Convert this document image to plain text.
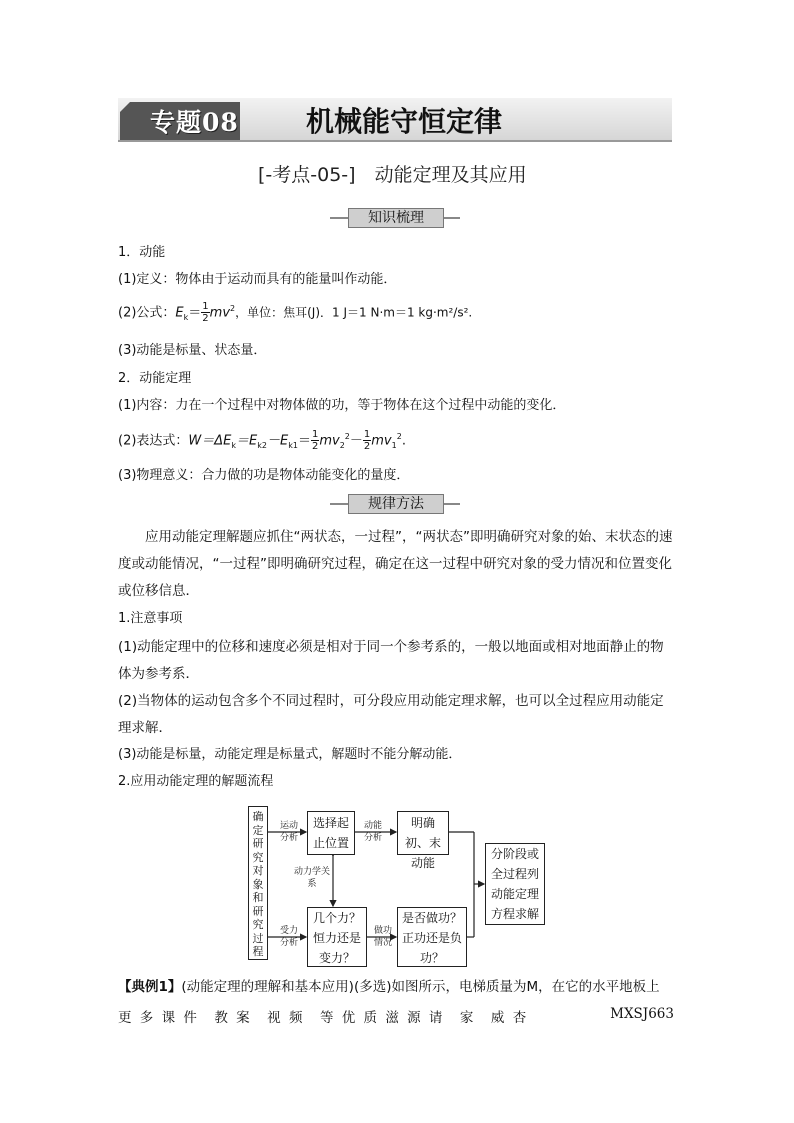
专题08 机械能守恒定律
[-考点-05-]　动能定理及其应用
知识梳理

1．动能

(1)定义：物体由于运动而具有的能量叫作动能．

(2)公式：$E_k= \frac{1}{2} mv^2$，单位：焦耳(J)．1 J＝1 N·m＝1 kg·m²/s².

(3)动能是标量、状态量．

2．动能定理

(1)内容：力在一个过程中对物体做的功，等于物体在这个过程中动能的变化．

(2)表达式：$W=\Delta E_k=E_{k2}-E_{k1}= \frac{1}{2} mv_2^2- \frac{1}{2} mv_1^2$.

(3)物理意义：合力做的功是物体动能变化的量度．

规律方法

应用动能定理解题应抓住“两状态，一过程”，“两状态”即明确研究对象的始、末状态的速度或动能情况，“一过程”即明确研究过程，确定在这一过程中研究对象的受力情况和位置变化或位移信息．

1.注意事项

(1)动能定理中的位移和速度必须是相对于同一个参考系的，一般以地面或相对地面静止的物体为参考系．

(2)当物体的运动包含多个不同过程时，可分段应用动能定理求解，也可以全过程应用动能定理求解．

(3)动能是标量，动能定理是标量式，解题时不能分解动能．

2.应用动能定理的解题流程

确定研究对象和研究过程
选择起止位置
明确初、末动能
几个力？恒力还是变力？
是否做功？正功还是负功？
分阶段或全过程列动能定理方程求解
运动分析
动能分析
动力学关系
受力分析
做功情况

【典例1】(动能定理的理解和基本应用)(多选)如图所示，电梯质量为M，在它的水平地板上

更 多 课 件　教 案　视 频　等 优 质 滋 源 请　家　威 杏	MXSJ663
